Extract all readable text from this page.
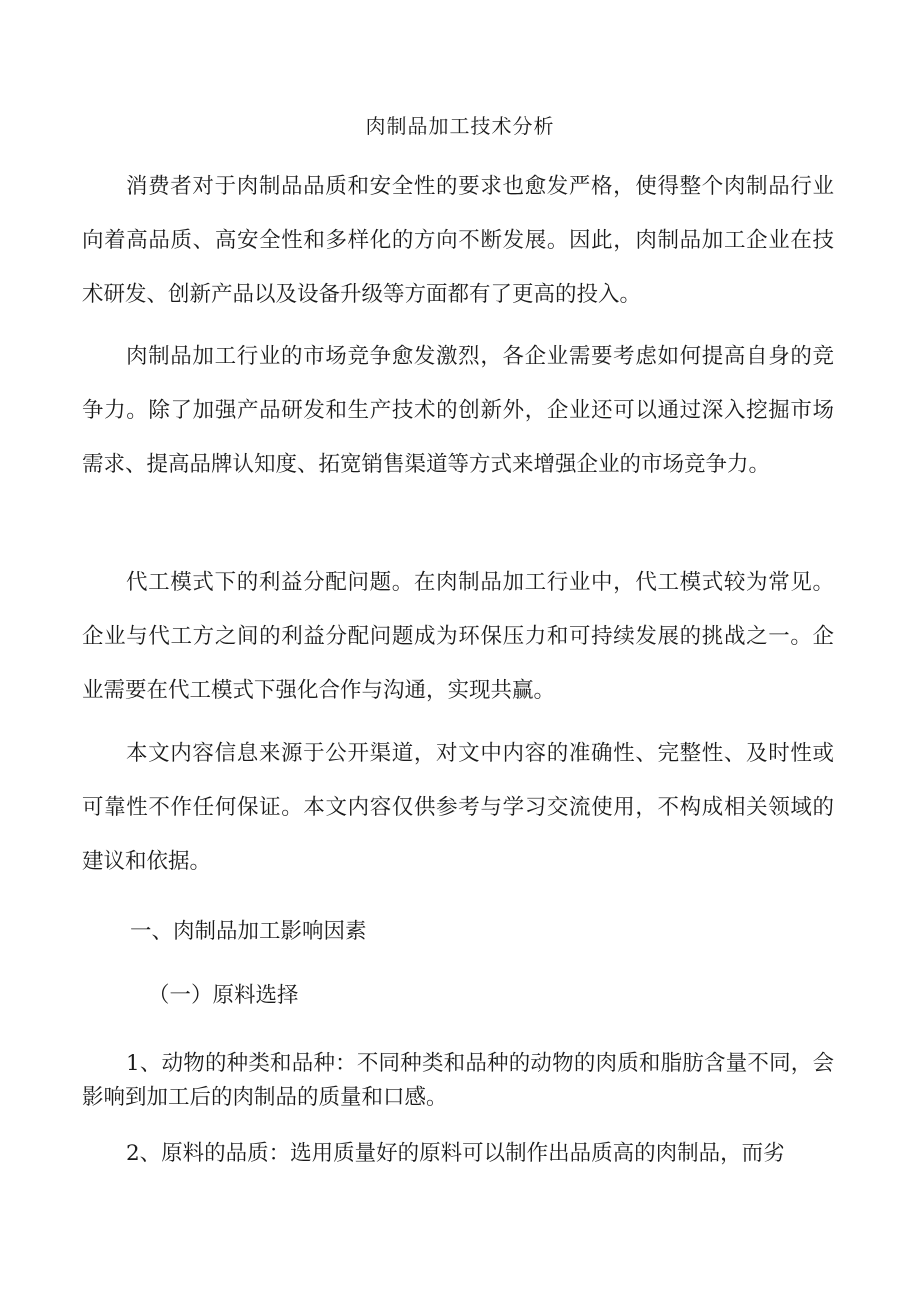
肉制品加工技术分析

消费者对于肉制品品质和安全性的要求也愈发严格，使得整个肉制品行业向着高品质、高安全性和多样化的方向不断发展。因此，肉制品加工企业在技术研发、创新产品以及设备升级等方面都有了更高的投入。

肉制品加工行业的市场竞争愈发激烈，各企业需要考虑如何提高自身的竞争力。除了加强产品研发和生产技术的创新外，企业还可以通过深入挖掘市场需求、提高品牌认知度、拓宽销售渠道等方式来增强企业的市场竞争力。

代工模式下的利益分配问题。在肉制品加工行业中，代工模式较为常见。企业与代工方之间的利益分配问题成为环保压力和可持续发展的挑战之一。企业需要在代工模式下强化合作与沟通，实现共赢。

本文内容信息来源于公开渠道，对文中内容的准确性、完整性、及时性或可靠性不作任何保证。本文内容仅供参考与学习交流使用，不构成相关领域的建议和依据。

一、肉制品加工影响因素

（一）原料选择

1、动物的种类和品种：不同种类和品种的动物的肉质和脂肪含量不同，会影响到加工后的肉制品的质量和口感。

2、原料的品质：选用质量好的原料可以制作出品质高的肉制品，而劣
